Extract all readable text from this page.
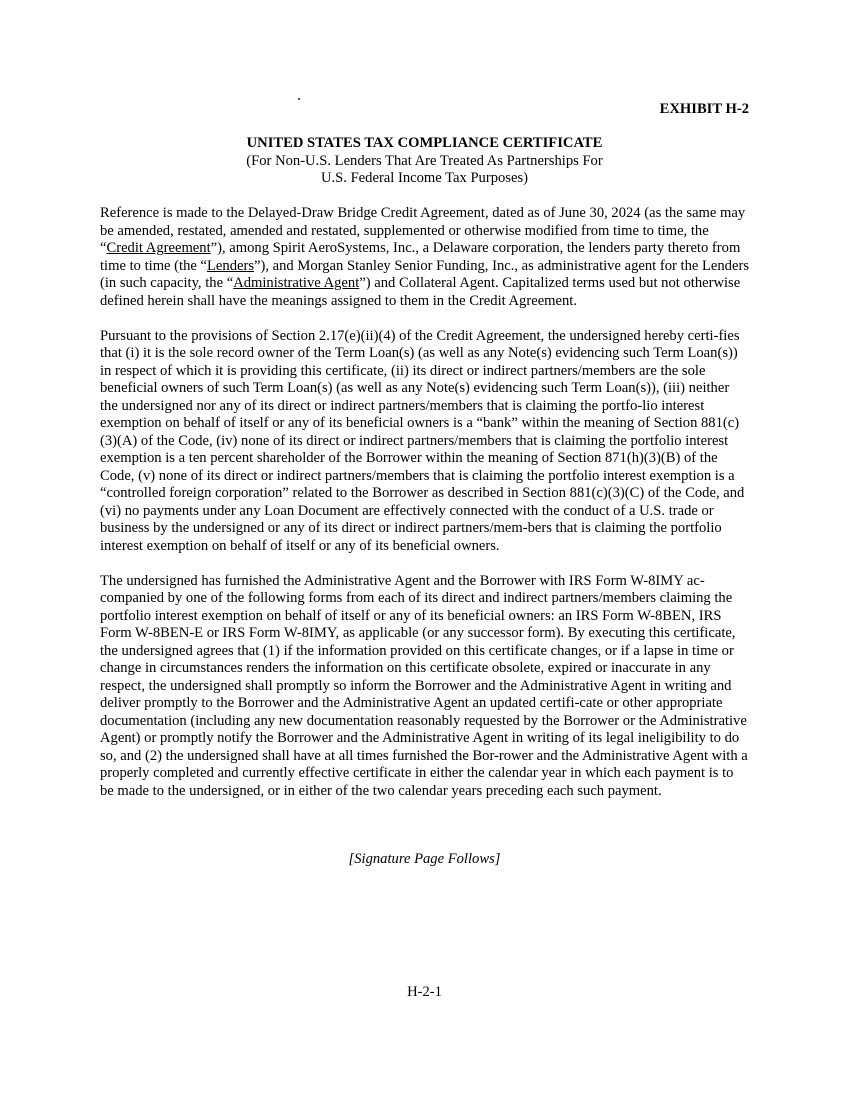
EXHIBIT H-2
UNITED STATES TAX COMPLIANCE CERTIFICATE
(For Non-U.S. Lenders That Are Treated As Partnerships For
U.S. Federal Income Tax Purposes)

Reference is made to the Delayed-Draw Bridge Credit Agreement, dated as of June 30, 2024 (as the same may be amended, restated, amended and restated, supplemented or otherwise modified from time to time, the “Credit Agreement”), among Spirit AeroSystems, Inc., a Delaware corporation, the lenders party thereto from time to time (the “Lenders”), and Morgan Stanley Senior Funding, Inc., as administrative agent for the Lenders (in such capacity, the “Administrative Agent”) and Collateral Agent. Capitalized terms used but not otherwise defined herein shall have the meanings assigned to them in the Credit Agreement.

Pursuant to the provisions of Section 2.17(e)(ii)(4) of the Credit Agreement, the undersigned hereby certi-fies that (i) it is the sole record owner of the Term Loan(s) (as well as any Note(s) evidencing such Term Loan(s)) in respect of which it is providing this certificate, (ii) its direct or indirect partners/members are the sole beneficial owners of such Term Loan(s) (as well as any Note(s) evidencing such Term Loan(s)), (iii) neither the undersigned nor any of its direct or indirect partners/members that is claiming the portfo-lio interest exemption on behalf of itself or any of its beneficial owners is a “bank” within the meaning of Section 881(c)(3)(A) of the Code, (iv) none of its direct or indirect partners/members that is claiming the portfolio interest exemption is a ten percent shareholder of the Borrower within the meaning of Section 871(h)(3)(B) of the Code, (v) none of its direct or indirect partners/members that is claiming the portfolio interest exemption is a “controlled foreign corporation” related to the Borrower as described in Section 881(c)(3)(C) of the Code, and (vi) no payments under any Loan Document are effectively connected with the conduct of a U.S. trade or business by the undersigned or any of its direct or indirect partners/mem-bers that is claiming the portfolio interest exemption on behalf of itself or any of its beneficial owners.

The undersigned has furnished the Administrative Agent and the Borrower with IRS Form W-8IMY ac-companied by one of the following forms from each of its direct and indirect partners/members claiming the portfolio interest exemption on behalf of itself or any of its beneficial owners: an IRS Form W-8BEN, IRS Form W-8BEN-E or IRS Form W-8IMY, as applicable (or any successor form). By executing this certificate, the undersigned agrees that (1) if the information provided on this certificate changes, or if a lapse in time or change in circumstances renders the information on this certificate obsolete, expired or inaccurate in any respect, the undersigned shall promptly so inform the Borrower and the Administrative Agent in writing and deliver promptly to the Borrower and the Administrative Agent an updated certifi-cate or other appropriate documentation (including any new documentation reasonably requested by the Borrower or the Administrative Agent) or promptly notify the Borrower and the Administrative Agent in writing of its legal ineligibility to do so, and (2) the undersigned shall have at all times furnished the Bor-rower and the Administrative Agent with a properly completed and currently effective certificate in either the calendar year in which each payment is to be made to the undersigned, or in either of the two calendar years preceding each such payment.

[Signature Page Follows]
H-2-1
